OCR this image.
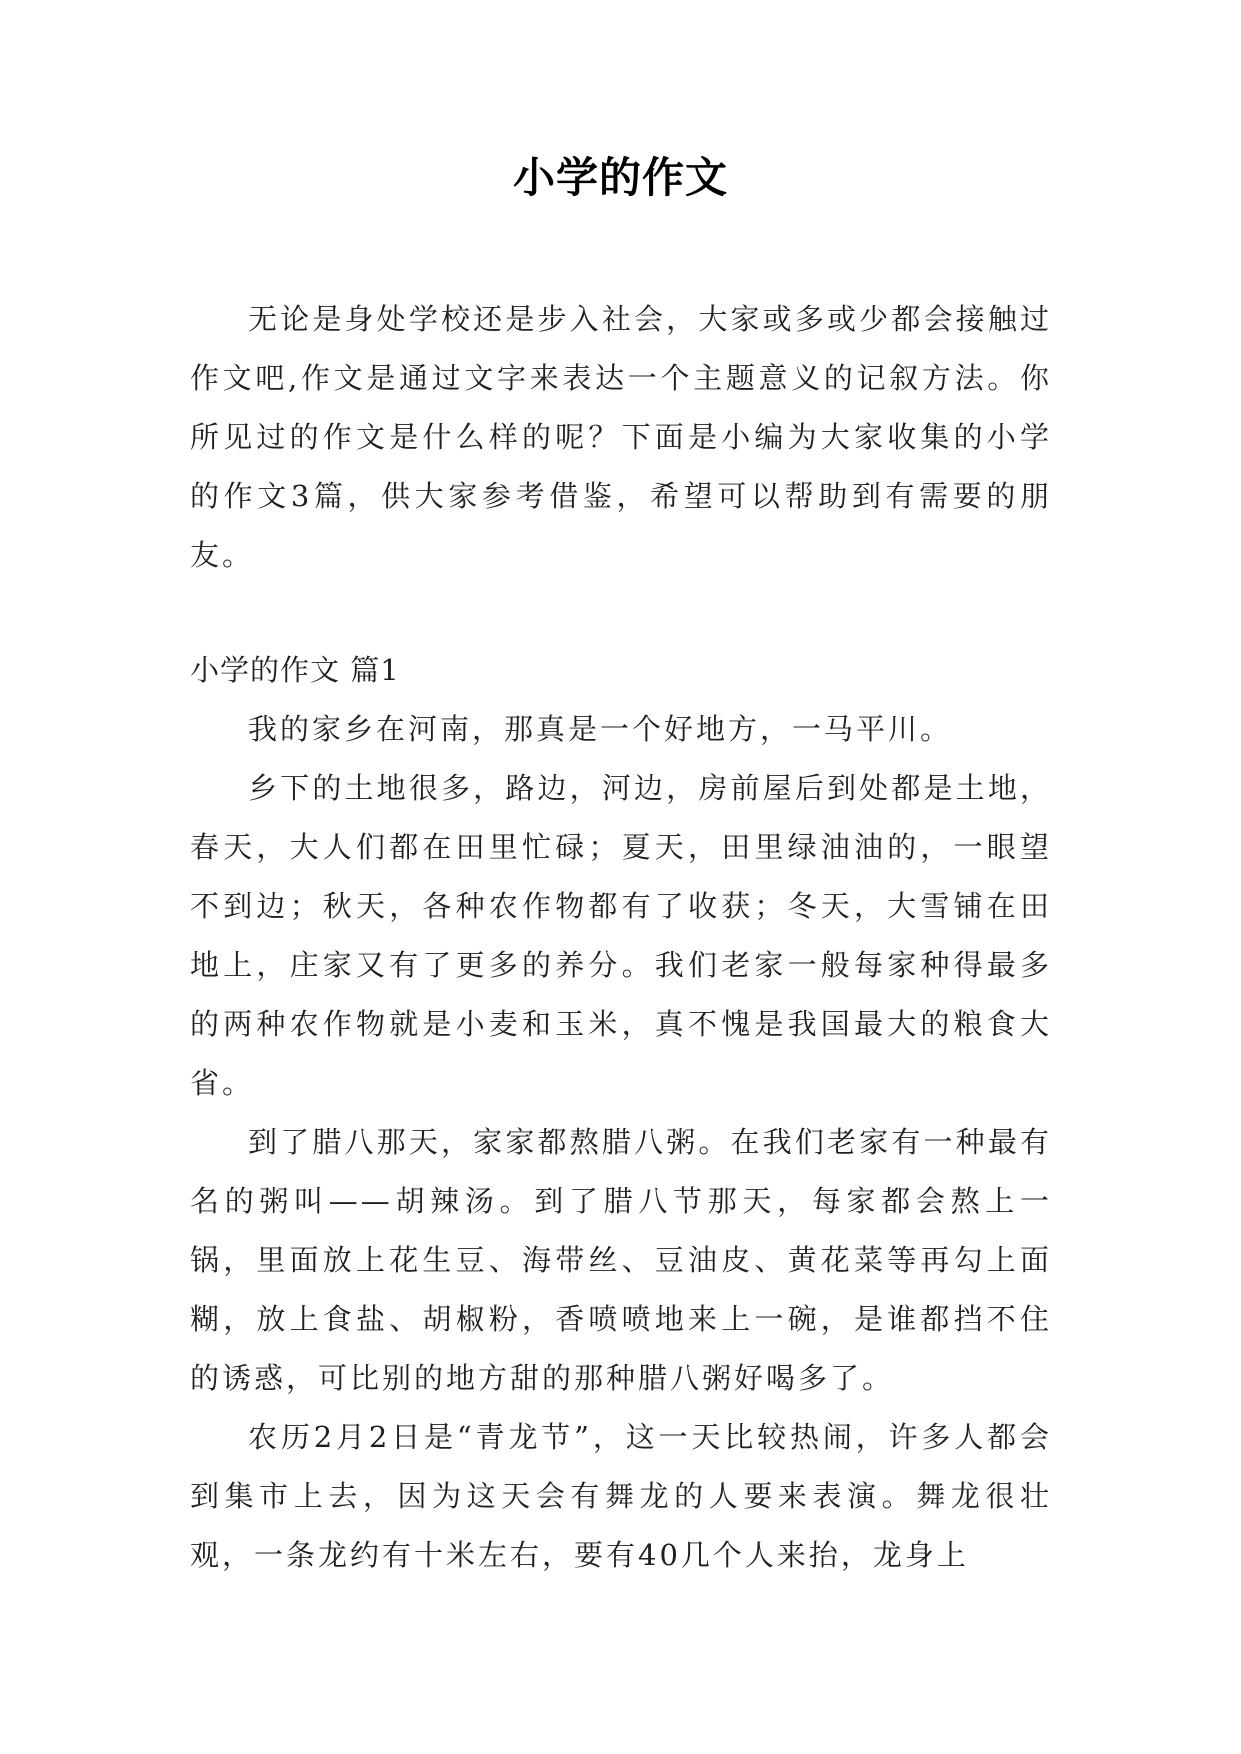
小学的作文

无论是身处学校还是步入社会，大家或多或少都会接触过作文吧,作文是通过文字来表达一个主题意义的记叙方法。你所见过的作文是什么样的呢？下面是小编为大家收集的小学的作文3篇，供大家参考借鉴，希望可以帮助到有需要的朋友。

小学的作文 篇1

我的家乡在河南，那真是一个好地方，一马平川。

乡下的土地很多，路边，河边，房前屋后到处都是土地，春天，大人们都在田里忙碌；夏天，田里绿油油的，一眼望不到边；秋天，各种农作物都有了收获；冬天，大雪铺在田地上，庄家又有了更多的养分。我们老家一般每家种得最多的两种农作物就是小麦和玉米，真不愧是我国最大的粮食大省。

到了腊八那天，家家都熬腊八粥。在我们老家有一种最有名的粥叫——胡辣汤。到了腊八节那天，每家都会熬上一锅，里面放上花生豆、海带丝、豆油皮、黄花菜等再勾上面糊，放上食盐、胡椒粉，香喷喷地来上一碗，是谁都挡不住的诱惑，可比别的地方甜的那种腊八粥好喝多了。

农历2月2日是“青龙节”，这一天比较热闹，许多人都会到集市上去，因为这天会有舞龙的人要来表演。舞龙很壮观，一条龙约有十米左右，要有40几个人来抬，龙身上
